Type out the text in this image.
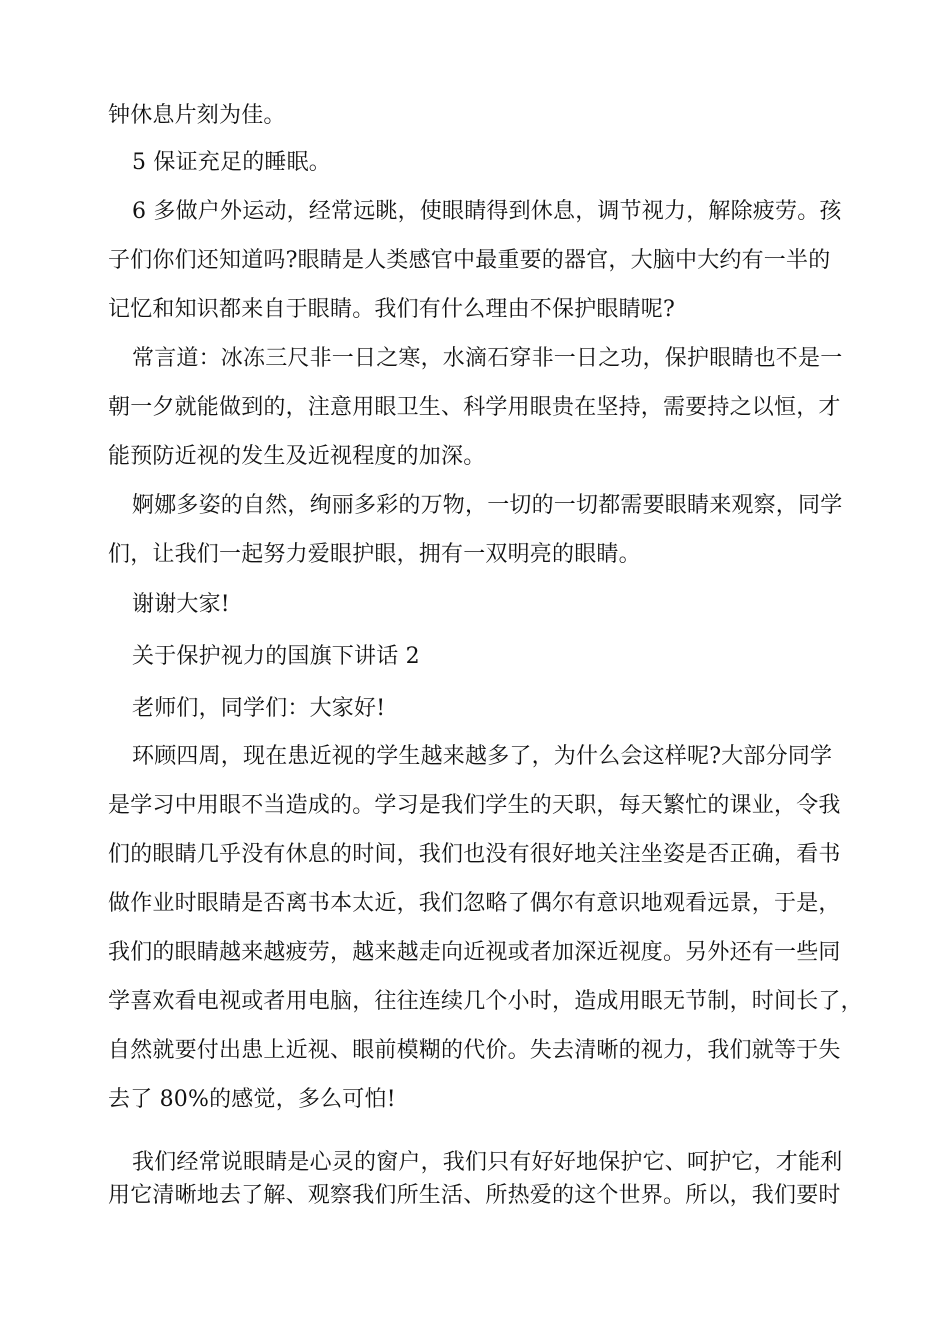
钟休息片刻为佳。
5 保证充足的睡眠。
6 多做户外运动，经常远眺，使眼睛得到休息，调节视力，解除疲劳。孩
子们你们还知道吗?眼睛是人类感官中最重要的器官，大脑中大约有一半的
记忆和知识都来自于眼睛。我们有什么理由不保护眼睛呢?
常言道：冰冻三尺非一日之寒，水滴石穿非一日之功，保护眼睛也不是一
朝一夕就能做到的，注意用眼卫生、科学用眼贵在坚持，需要持之以恒，才
能预防近视的发生及近视程度的加深。
婀娜多姿的自然，绚丽多彩的万物，一切的一切都需要眼睛来观察，同学
们，让我们一起努力爱眼护眼，拥有一双明亮的眼睛。
谢谢大家!
关于保护视力的国旗下讲话 2
老师们，同学们：大家好!
环顾四周，现在患近视的学生越来越多了，为什么会这样呢?大部分同学
是学习中用眼不当造成的。学习是我们学生的天职，每天繁忙的课业，令我
们的眼睛几乎没有休息的时间，我们也没有很好地关注坐姿是否正确，看书
做作业时眼睛是否离书本太近，我们忽略了偶尔有意识地观看远景，于是，
我们的眼睛越来越疲劳，越来越走向近视或者加深近视度。另外还有一些同
学喜欢看电视或者用电脑，往往连续几个小时，造成用眼无节制，时间长了，
自然就要付出患上近视、眼前模糊的代价。失去清晰的视力，我们就等于失
去了 80%的感觉，多么可怕!
我们经常说眼睛是心灵的窗户，我们只有好好地保护它、呵护它，才能利
用它清晰地去了解、观察我们所生活、所热爱的这个世界。所以，我们要时
